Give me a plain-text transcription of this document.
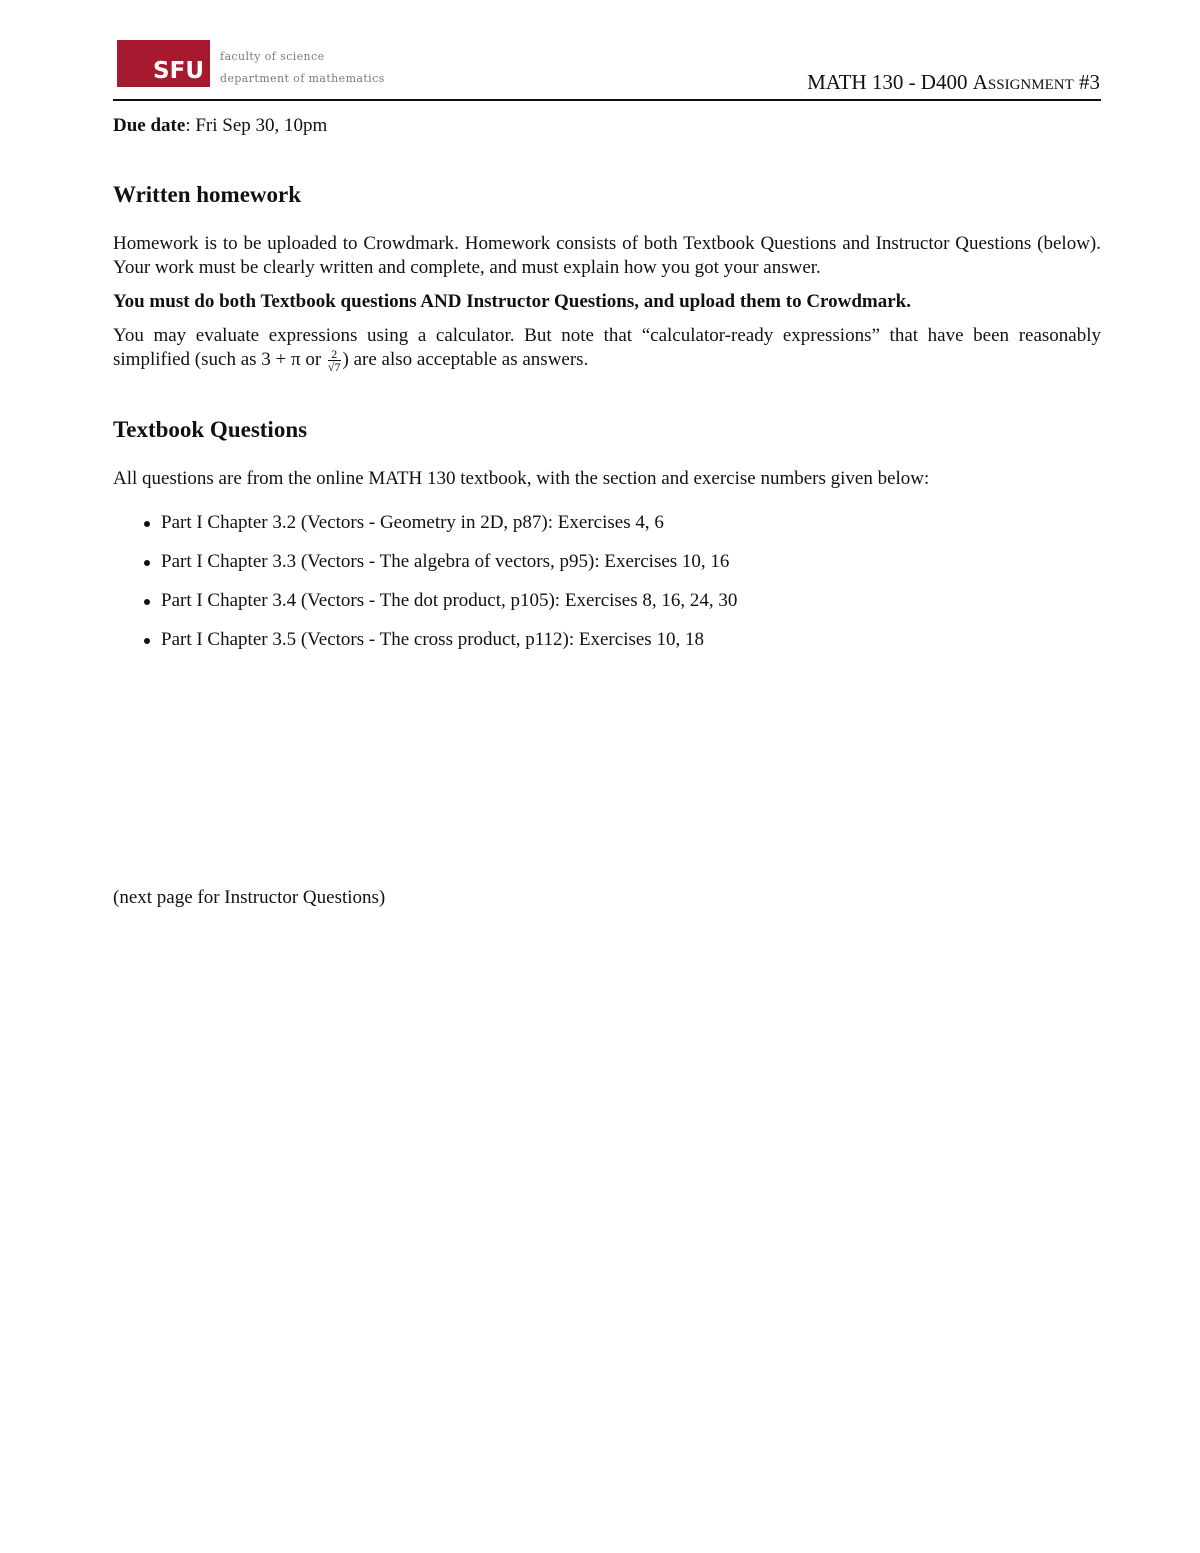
SFU
faculty of science
department of mathematics	MATH 130 - D400 Assignment #3

Due date: Fri Sep 30, 10pm

Written homework

Homework is to be uploaded to Crowdmark. Homework consists of both Textbook Questions and Instructor Questions (below). Your work must be clearly written and complete, and must explain how you got your answer.

You must do both Textbook questions AND Instructor Questions, and upload them to Crowdmark.

You may evaluate expressions using a calculator. But note that “calculator-ready expressions” that have been reasonably simplified (such as 3 + π or $\frac{2}{√7}$ ) are also acceptable as answers.

Textbook Questions

All questions are from the online MATH 130 textbook, with the section and exercise numbers given below:

Part I Chapter 3.2 (Vectors - Geometry in 2D, p87): Exercises 4, 6
Part I Chapter 3.3 (Vectors - The algebra of vectors, p95): Exercises 10, 16
Part I Chapter 3.4 (Vectors - The dot product, p105): Exercises 8, 16, 24, 30
Part I Chapter 3.5 (Vectors - The cross product, p112): Exercises 10, 18
(next page for Instructor Questions)
